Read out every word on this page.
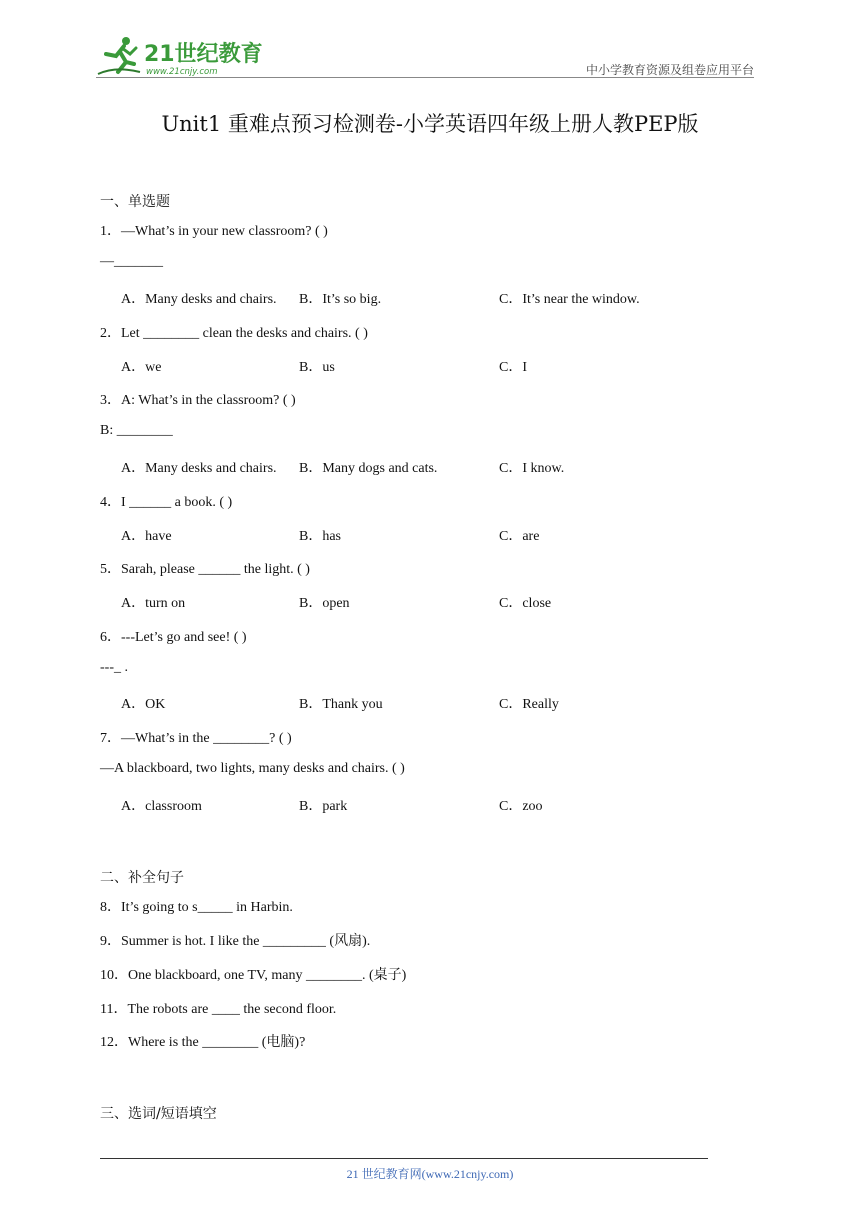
21世纪教育
www.21cnjy.com	中小学教育资源及组卷应用平台
Unit1 重难点预习检测卷-小学英语四年级上册人教PEP版
一、单选题
1．—What’s in your new classroom? ( )
—_______
A．Many desks and chairs. B．It’s so big.	C．It’s near the window.
2．Let ________ clean the desks and chairs. ( )
A．we	B．us	C．I
3．A: What’s in the classroom? ( )
B: ________
A．Many desks and chairs. B．Many dogs and cats.	C．I know.
4．I ______ a book. ( )
A．have	B．has	C．are
5．Sarah, please ______ the light. ( )
A．turn on	B．open	C．close
6．---Let’s go and see! ( )
---_ .
A．OK	B．Thank you	C．Really
7．—What’s in the ________? ( )
—A blackboard, two lights, many desks and chairs. ( )
A．classroom	B．park	C．zoo
二、补全句子
8．It’s going to s_____ in Harbin.
9．Summer is hot. I like the _________ (风扇).
10．One blackboard, one TV, many ________. (桌子)
11．The robots are ____ the second floor.
12．Where is the ________ (电脑)?
三、选词/短语填空
21 世纪教育网(www.21cnjy.com)
